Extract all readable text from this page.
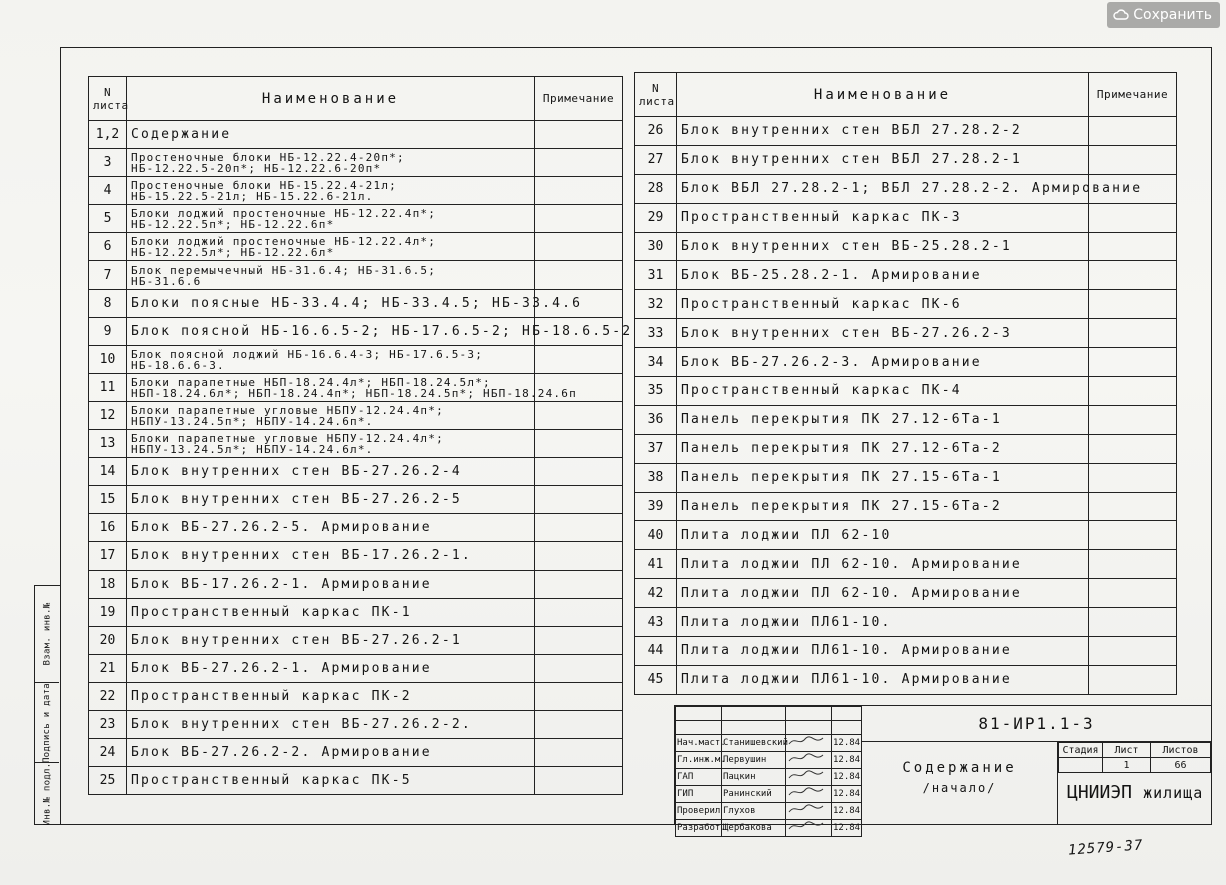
Сохранить
Взам. инв.№
Подпись и дата
Инв.№ подл.
N
листа	Наименование	Примечание
1,2	Содержание	

3	Простеночные блоки НБ-12.22.4-20п*;
НБ-12.22.5-20п*; НБ-12.22.6-20п*	

4	Простеночные блоки НБ-15.22.4-21л;
НБ-15.22.5-21л; НБ-15.22.6-21л.	

5	Блоки лоджий простеночные НБ-12.22.4п*;
НБ-12.22.5п*; НБ-12.22.6п*	

6	Блоки лоджий простеночные НБ-12.22.4л*;
НБ-12.22.5л*; НБ-12.22.6л*	

7	Блок перемычечный НБ-31.6.4; НБ-31.6.5;
НБ-31.6.6	

8	Блоки поясные НБ-33.4.4; НБ-33.4.5; НБ-33.4.6	

9	Блок поясной НБ-16.6.5-2; НБ-17.6.5-2; НБ-18.6.5-2	

10	Блок поясной лоджий НБ-16.6.4-3; НБ-17.6.5-3;
НБ-18.6.6-3.	

11	Блоки парапетные НБП-18.24.4л*; НБП-18.24.5л*;
НБП-18.24.6л*; НБП-18.24.4п*; НБП-18.24.5п*; НБП-18.24.6п	

12	Блоки парапетные угловые НБПУ-12.24.4п*;
НБПУ-13.24.5п*; НБПУ-14.24.6п*.	

13	Блоки парапетные угловые НБПУ-12.24.4л*;
НБПУ-13.24.5л*; НБПУ-14.24.6л*.	

14	Блок внутренних стен ВБ-27.26.2-4	

15	Блок внутренних стен ВБ-27.26.2-5	

16	Блок ВБ-27.26.2-5. Армирование	

17	Блок внутренних стен ВБ-17.26.2-1.	

18	Блок ВБ-17.26.2-1. Армирование	

19	Пространственный каркас ПК-1	

20	Блок внутренних стен ВБ-27.26.2-1	

21	Блок ВБ-27.26.2-1. Армирование	

22	Пространственный каркас ПК-2	

23	Блок внутренних стен ВБ-27.26.2-2.	

24	Блок ВБ-27.26.2-2. Армирование	

25	Пространственный каркас ПК-5	

N
листа	Наименование	Примечание
26	Блок внутренних стен ВБЛ 27.28.2-2	

27	Блок внутренних стен ВБЛ 27.28.2-1	

28	Блок ВБЛ 27.28.2-1; ВБЛ 27.28.2-2. Армирование	

29	Пространственный каркас ПК-3	

30	Блок внутренних стен ВБ-25.28.2-1	

31	Блок ВБ-25.28.2-1. Армирование	

32	Пространственный каркас ПК-6	

33	Блок внутренних стен ВБ-27.26.2-3	

34	Блок ВБ-27.26.2-3. Армирование	

35	Пространственный каркас ПК-4	

36	Панель перекрытия ПК 27.12-6Та-1	

37	Панель перекрытия ПК 27.12-6Та-2	

38	Панель перекрытия ПК 27.15-6Та-1	

39	Панель перекрытия ПК 27.15-6Та-2	

40	Плита лоджии ПЛ 62-10	

41	Плита лоджии ПЛ 62-10. Армирование	

42	Плита лоджии ПЛ 62-10. Армирование	

43	Плита лоджии ПЛ61-10.	

44	Плита лоджии ПЛ61-10. Армирование	

45	Плита лоджии ПЛ61-10. Армирование	

Нач.маст.	Станишевский		12.84
Гл.инж.м.	Первушин		12.84
ГАП	Пацкин		12.84
ГИП	Ранинский		12.84
Проверил	Глухов		12.84
Разработ.	Щербакова		12.84
81-ИР1.1-3
Содержание
/начало/
Стадия	Лист	Листов
	1	66
ЦНИИЭП жилища
12579-37
